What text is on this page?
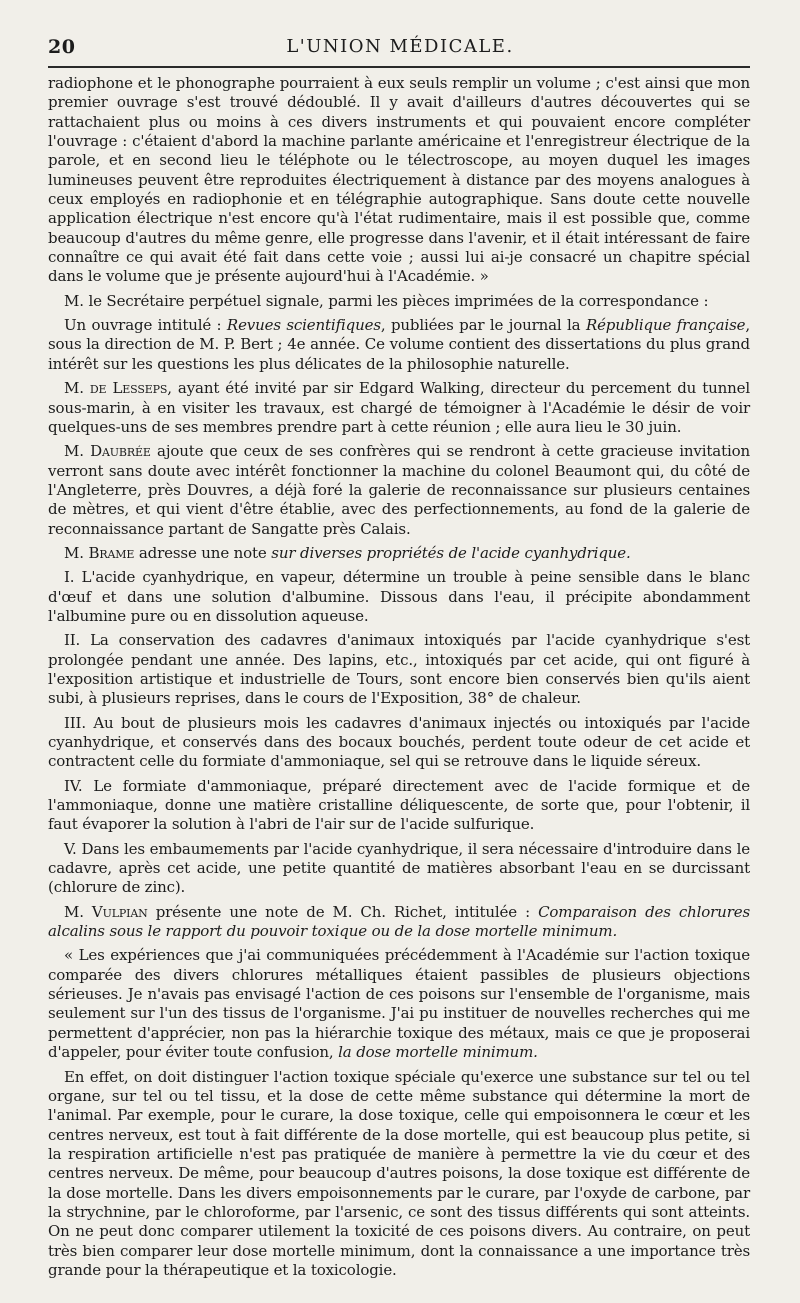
20	L'UNION MÉDICALE.

radiophone et le phonographe pourraient à eux seuls remplir un volume ; c'est ainsi que mon premier ouvrage s'est trouvé dédoublé. Il y avait d'ailleurs d'autres découvertes qui se rattachaient plus ou moins à ces divers instruments et qui pouvaient encore compléter l'ouvrage : c'étaient d'abord la machine parlante américaine et l'enregistreur électrique de la parole, et en second lieu le téléphote ou le télectroscope, au moyen duquel les images lumineuses peuvent être reproduites électriquement à distance par des moyens analogues à ceux employés en radiophonie et en télégraphie autographique. Sans doute cette nouvelle application électrique n'est encore qu'à l'état rudimentaire, mais il est possible que, comme beaucoup d'autres du même genre, elle progresse dans l'avenir, et il était intéressant de faire connaître ce qui avait été fait dans cette voie ; aussi lui ai-je consacré un chapitre spécial dans le volume que je présente aujourd'hui à l'Académie. »

M. le Secrétaire perpétuel signale, parmi les pièces imprimées de la correspondance :

Un ouvrage intitulé : Revues scientifiques, publiées par le journal la République française, sous la direction de M. P. Bert ; 4e année. Ce volume contient des dissertations du plus grand intérêt sur les questions les plus délicates de la philosophie naturelle.

M. de Lesseps, ayant été invité par sir Edgard Walking, directeur du percement du tunnel sous-marin, à en visiter les travaux, est chargé de témoigner à l'Académie le désir de voir quelques-uns de ses membres prendre part à cette réunion ; elle aura lieu le 30 juin.

M. Daubrée ajoute que ceux de ses confrères qui se rendront à cette gracieuse invitation verront sans doute avec intérêt fonctionner la machine du colonel Beaumont qui, du côté de l'Angleterre, près Douvres, a déjà foré la galerie de reconnaissance sur plusieurs centaines de mètres, et qui vient d'être établie, avec des perfectionnements, au fond de la galerie de reconnaissance partant de Sangatte près Calais.

M. Brame adresse une note sur diverses propriétés de l'acide cyanhydrique.

I. L'acide cyanhydrique, en vapeur, détermine un trouble à peine sensible dans le blanc d'œuf et dans une solution d'albumine. Dissous dans l'eau, il précipite abondamment l'albumine pure ou en dissolution aqueuse.

II. La conservation des cadavres d'animaux intoxiqués par l'acide cyanhydrique s'est prolongée pendant une année. Des lapins, etc., intoxiqués par cet acide, qui ont figuré à l'exposition artistique et industrielle de Tours, sont encore bien conservés bien qu'ils aient subi, à plusieurs reprises, dans le cours de l'Exposition, 38° de chaleur.

III. Au bout de plusieurs mois les cadavres d'animaux injectés ou intoxiqués par l'acide cyanhydrique, et conservés dans des bocaux bouchés, perdent toute odeur de cet acide et contractent celle du formiate d'ammoniaque, sel qui se retrouve dans le liquide séreux.

IV. Le formiate d'ammoniaque, préparé directement avec de l'acide formique et de l'ammoniaque, donne une matière cristalline déliquescente, de sorte que, pour l'obtenir, il faut évaporer la solution à l'abri de l'air sur de l'acide sulfurique.

V. Dans les embaumements par l'acide cyanhydrique, il sera nécessaire d'introduire dans le cadavre, après cet acide, une petite quantité de matières absorbant l'eau en se durcissant (chlorure de zinc).

M. Vulpian présente une note de M. Ch. Richet, intitulée : Comparaison des chlorures alcalins sous le rapport du pouvoir toxique ou de la dose mortelle minimum.

« Les expériences que j'ai communiquées précédemment à l'Académie sur l'action toxique comparée des divers chlorures métalliques étaient passibles de plusieurs objections sérieuses. Je n'avais pas envisagé l'action de ces poisons sur l'ensemble de l'organisme, mais seulement sur l'un des tissus de l'organisme. J'ai pu instituer de nouvelles recherches qui me permettent d'apprécier, non pas la hiérarchie toxique des métaux, mais ce que je proposerai d'appeler, pour éviter toute confusion, la dose mortelle minimum.

En effet, on doit distinguer l'action toxique spéciale qu'exerce une substance sur tel ou tel organe, sur tel ou tel tissu, et la dose de cette même substance qui détermine la mort de l'animal. Par exemple, pour le curare, la dose toxique, celle qui empoisonnera le cœur et les centres nerveux, est tout à fait différente de la dose mortelle, qui est beaucoup plus petite, si la respiration artificielle n'est pas pratiquée de manière à permettre la vie du cœur et des centres nerveux. De même, pour beaucoup d'autres poisons, la dose toxique est différente de la dose mortelle. Dans les divers empoisonnements par le curare, par l'oxyde de carbone, par la strychnine, par le chloroforme, par l'arsenic, ce sont des tissus différents qui sont atteints. On ne peut donc comparer utilement la toxicité de ces poisons divers. Au contraire, on peut très bien comparer leur dose mortelle minimum, dont la connaissance a une importance très grande pour la thérapeutique et la toxicologie.
